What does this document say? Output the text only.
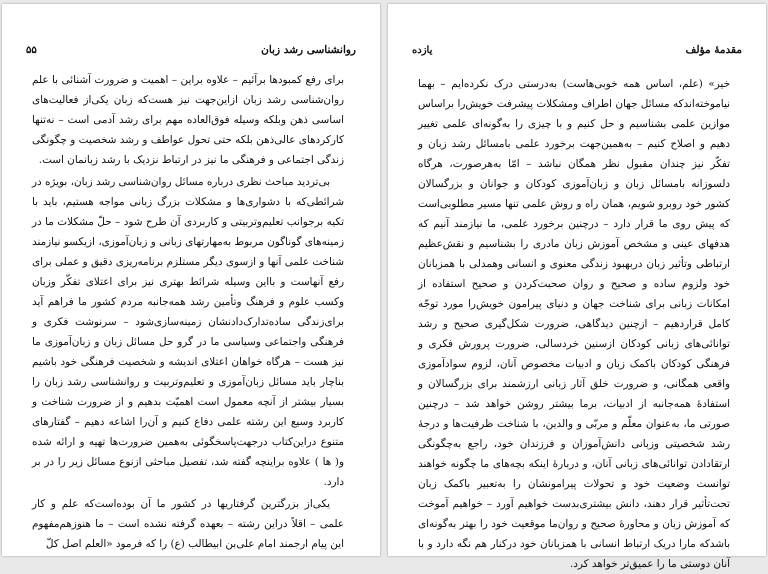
روانشناسی رشد زبان
۵۵

برای رفع کمبودها برآئیم – علاوه براین – اهمیت و ضرورت آشنائی با علم روان‌شناسی رشد زبان ازاین‌جهت نیز هست‌که زبان یکی‌از فعالیت‌های اساسی ذهن وبلکه وسیله فوق‌العاده مهم برای رشد آدمی است – نه‌تنها کارکردهای عالی‌ذهن بلکه حتی تحول عواطف و رشد شخصیت و چگونگی زندگی اجتماعی و فرهنگی ما نیز در ارتباط نزدیک با رشد زبانمان است.

بی‌تردید مباحث نظری درباره مسائل روان‌شناسی رشد زبان، بویژه در شرائطی‌که با دشواری‌ها و مشکلات بزرگ زبانی مواجه هستیم، باید با تکیه برجوانب تعلیم‌وتربیتی و کاربردی آن طرح شود – حلّ مشکلات ما در زمینه‌های گوناگون مربوط به‌مهارتهای زبانی و زبان‌آموزی، ازیکسو نیازمند شناخت علمی آنها و ازسوی دیگر مستلزم برنامه‌ریزی دقیق و عملی برای رفع آنهاست و بااین وسیله شرائط بهتری نیز برای اعتلای تفکّر وزبان وکسب علوم و فرهنگ وتأمین رشد همه‌جانبه مردم کشور ما فراهم آید برای‌زندگی ساده‌تدارک‌دادنشان زمینه‌سازی‌شود – سرنوشت فکری و فرهنگی واجتماعی وسیاسی ما در گرو حل مسائل زبان و زبان‌آموزی ما نیز هست – هرگاه خواهان اعتلای اندیشه و شخصیت فرهنگی خود باشیم بناچار باید مسائل زبان‌آموزی و تعلیم‌وتربیت و روانشناسی رشد زبان را بسیار بیشتر از آنچه معمول است اهمیّت بدهیم و از ضرورت شناخت و کاربرد وسیع این رشته علمی دفاع کنیم و آن‌را اشاعه دهیم – گفتارهای متنوع دراین‌کتاب درجهت‌پاسخگوئی به‌همین ضرورت‌ها تهیه و ارائه شده و( ها ) علاوه براینچه گفته شد، تفصیل مباحثی ازنوع مسائل زیر را در بر دارد.

یکی‌از بزرگترین گرفتاریها در کشور ما آن بوده‌است‌که علم و کار علمی – اقلاً دراین رشته – بعهده گرفته نشده است – ما هنوزهم‌مفهوم این پیام ارجمند امام علی‌بن ابیطالب (ع) را که فرمود «العلم‌ اصل‌ کلّ

مقدمهٔ مؤلف
یازده

خیر» (علم، اساس همه خوبی‌هاست) به‌درستی درک نکرده‌ایم – بهما نیاموخته‌اندکه مسائل جهان اطراف ومشکلات پیشرفت خویش‌را براساس موازین علمی بشناسیم و حل کنیم و با چیزی را به‌گونه‌ای علمی تغییر دهیم و اصلاح کنیم – به‌همین‌جهت برخورد علمی بامسائل رشد زبان و تفکّر نیز چندان مقبول نظر همگان نباشد – امّا به‌هرصورت، هرگاه دلسوزانه بامسائل زبان و زبان‌آموزی کودکان و جوانان و بزرگسالان کشور خود روبرو شویم، همان راه و روش علمی تنها مسیر مطلوبی‌است که پیش روی ما قرار دارد – درچنین برخورد علمی، ما نیازمند آنیم که هدفهای عینی و مشخص آموزش زبان مادری را بشناسیم و نقش‌عظیم ارتباطی وتأثیر زبان دربهبود زندگی معنوی و انسانی وهمدلی با همزبانان خود ولزوم ساده و صحیح و روان صحبت‌کردن و صحیح استفاده از امکانات زبانی برای شناخت جهان و دنیای پیرامون خویش‌را مورد توجّه کامل قراردهیم – ازچنین دیدگاهی، ضرورت شکل‌گیری صحیح و رشد توانائی‌های زبانی کودکان ازسنین خردسالی، ضرورت پرورش فکری و فرهنگی کودکان باکمک زبان و ادبیات مخصوص آنان، لزوم سوادآموزی واقعی همگانی، و ضرورت خلق آثار زبانی ارزشمند برای بزرگسالان و استفادهٔ همه‌جانبه از ادبیات، برما بیشتر روشن خواهد شد – درچنین صورتی ما، به‌عنوان معلّم و مربّی و والدین، با شناخت ظرفیت‌ها و درجهٔ رشد شخصیتی وزبانی دانش‌آموزان و فرزندان خود، راجع به‌چگونگی ارتقادادن توانائی‌های زبانی آنان، و دربارهٔ اینکه بچه‌های ما چگونه خواهند توانست وضعیت خود و تحولات پیرامونشان را به‌تعبیر باکمک زبان تحت‌تأثیر قرار دهند، دانش بیشتری‌بدست خواهیم آورد – خواهیم آموخت که آموزش زبان و محاورهٔ صحیح و روان‌ما موقعیت خود را بهتر به‌گونه‌ای باشدکه مارا دریک ارتباط انسانی با همزبانان خود درکنار هم نگه دارد و با آنان دوستی ما را عمیق‌تر خواهد کرد.
